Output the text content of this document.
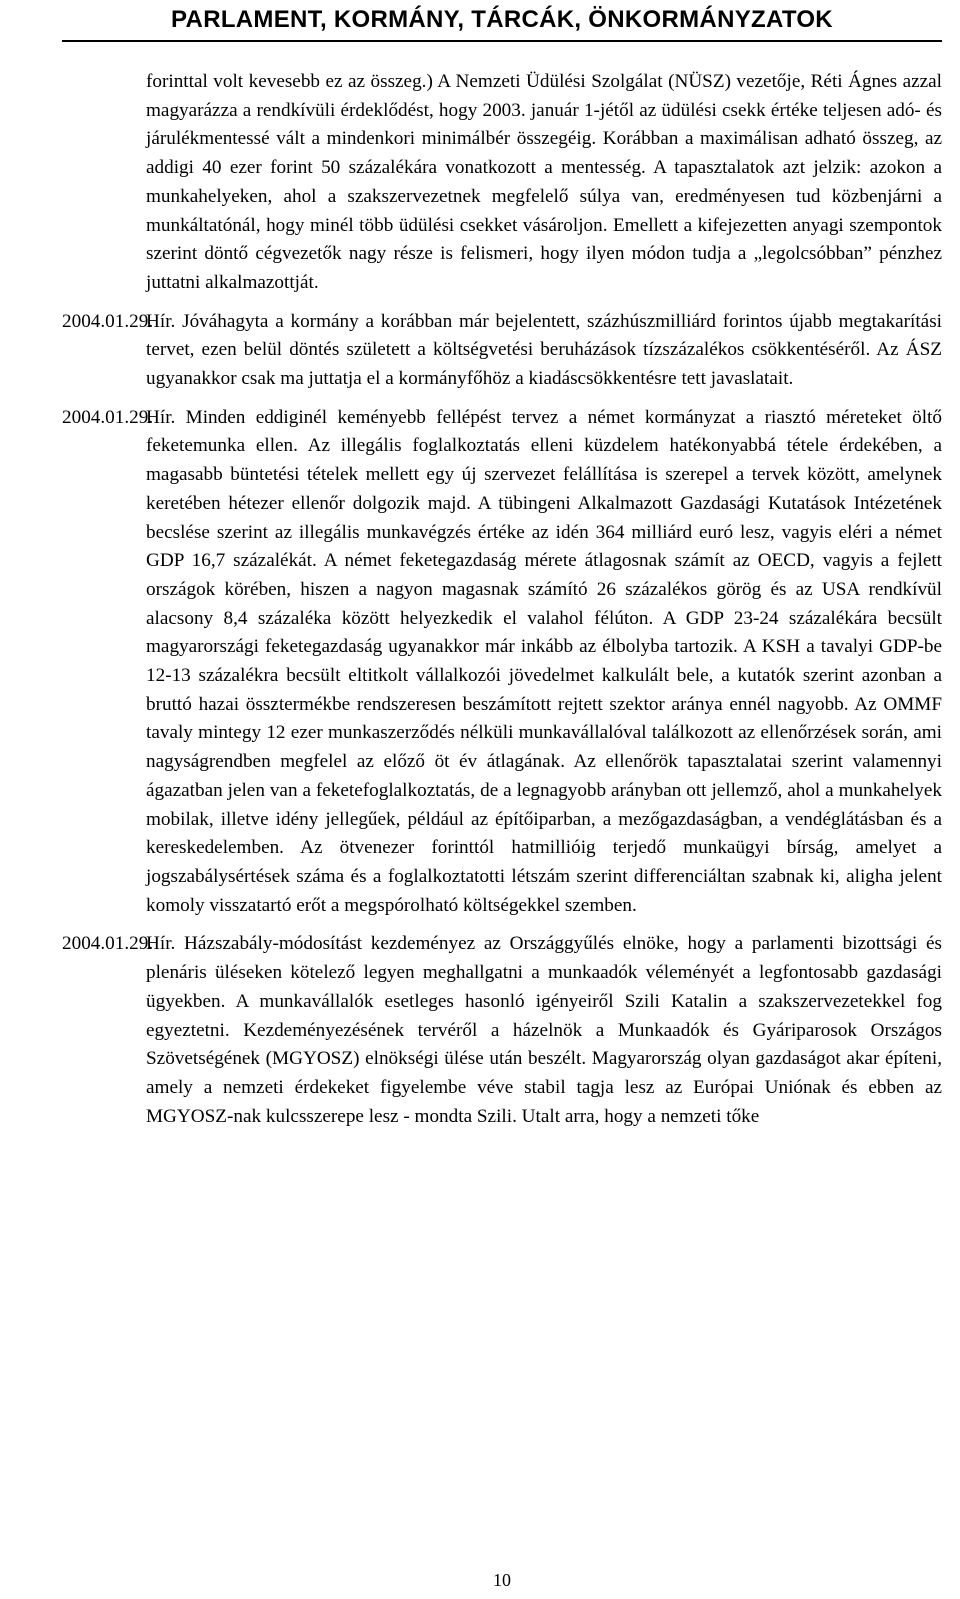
PARLAMENT, KORMÁNY, TÁRCÁK, ÖNKORMÁNYZATOK

forinttal volt kevesebb ez az összeg.) A Nemzeti Üdülési Szolgálat (NÜSZ) vezetője, Réti Ágnes azzal magyarázza a rendkívüli érdeklődést, hogy 2003. január 1-jétől az üdülési csekk értéke teljesen adó- és járulékmentessé vált a mindenkori minimálbér összegéig. Korábban a maximálisan adható összeg, az addigi 40 ezer forint 50 százalékára vonatkozott a mentesség. A tapasztalatok azt jelzik: azokon a munkahelyeken, ahol a szakszervezetnek megfelelő súlya van, eredményesen tud közbenjárni a munkáltatónál, hogy minél több üdülési csekket vásároljon. Emellett a kifejezetten anyagi szempontok szerint döntő cégvezetők nagy része is felismeri, hogy ilyen módon tudja a „legolcsóbban” pénzhez juttatni alkalmazottját.

2004.01.29.

Hír. Jóváhagyta a kormány a korábban már bejelentett, százhúszmilliárd forintos újabb megtakarítási tervet, ezen belül döntés született a költségvetési beruházások tízszázalékos csökkentéséről. Az ÁSZ ugyanakkor csak ma juttatja el a kormányfőhöz a kiadáscsökkentésre tett javaslatait.

2004.01.29.

Hír. Minden eddiginél keményebb fellépést tervez a német kormányzat a riasztó méreteket öltő feketemunka ellen. Az illegális foglalkoztatás elleni küzdelem hatékonyabbá tétele érdekében, a magasabb büntetési tételek mellett egy új szervezet felállítása is szerepel a tervek között, amelynek keretében hétezer ellenőr dolgozik majd. A tübingeni Alkalmazott Gazdasági Kutatások Intézetének becslése szerint az illegális munkavégzés értéke az idén 364 milliárd euró lesz, vagyis eléri a német GDP 16,7 százalékát. A német feketegazdaság mérete átlagosnak számít az OECD, vagyis a fejlett országok körében, hiszen a nagyon magasnak számító 26 százalékos görög és az USA rendkívül alacsony 8,4 százaléka között helyezkedik el valahol félúton. A GDP 23-24 százalékára becsült magyarországi feketegazdaság ugyanakkor már inkább az élbolyba tartozik. A KSH a tavalyi GDP-be 12-13 százalékra becsült eltitkolt vállalkozói jövedelmet kalkulált bele, a kutatók szerint azonban a bruttó hazai össztermékbe rendszeresen beszámított rejtett szektor aránya ennél nagyobb. Az OMMF tavaly mintegy 12 ezer munkaszerződés nélküli munkavállalóval találkozott az ellenőrzések során, ami nagyságrendben megfelel az előző öt év átlagának. Az ellenőrök tapasztalatai szerint valamennyi ágazatban jelen van a feketefoglalkoztatás, de a legnagyobb arányban ott jellemző, ahol a munkahelyek mobilak, illetve idény jellegűek, például az építőiparban, a mezőgazdaságban, a vendéglátásban és a kereskedelemben. Az ötvenezer forinttól hatmillióig terjedő munkaügyi bírság, amelyet a jogszabálysértések száma és a foglalkoztatotti létszám szerint differenciáltan szabnak ki, aligha jelent komoly visszatartó erőt a megspórolható költségekkel szemben.

2004.01.29.

Hír. Házszabály-módosítást kezdeményez az Országgyűlés elnöke, hogy a parlamenti bizottsági és plenáris üléseken kötelező legyen meghallgatni a munkaadók véleményét a legfontosabb gazdasági ügyekben. A munkavállalók esetleges hasonló igényeiről Szili Katalin a szakszervezetekkel fog egyeztetni. Kezdeményezésének tervéről a házelnök a Munkaadók és Gyáriparosok Országos Szövetségének (MGYOSZ) elnökségi ülése után beszélt. Magyarország olyan gazdaságot akar építeni, amely a nemzeti érdekeket figyelembe véve stabil tagja lesz az Európai Uniónak és ebben az MGYOSZ-nak kulcsszerepe lesz - mondta Szili. Utalt arra, hogy a nemzeti tőke

10
